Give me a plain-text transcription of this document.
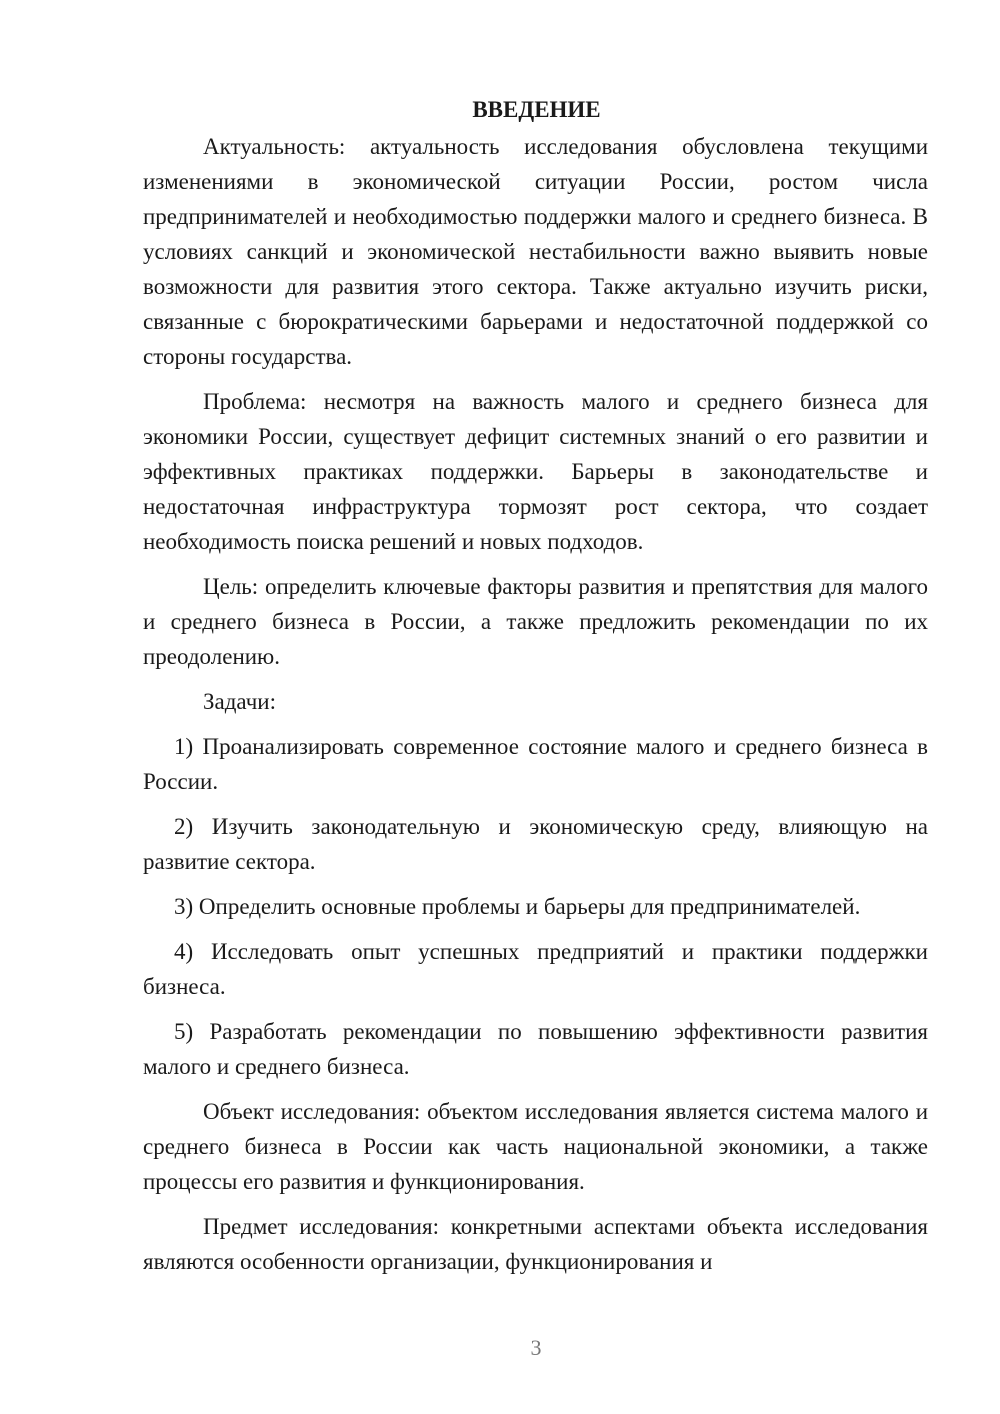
ВВЕДЕНИЕ

Актуальность: актуальность исследования обусловлена текущими изменениями в экономической ситуации России, ростом числа предпринимателей и необходимостью поддержки малого и среднего бизнеса. В условиях санкций и экономической нестабильности важно выявить новые возможности для развития этого сектора. Также актуально изучить риски, связанные с бюрократическими барьерами и недостаточной поддержкой со стороны государства.

Проблема: несмотря на важность малого и среднего бизнеса для экономики России, существует дефицит системных знаний о его развитии и эффективных практиках поддержки. Барьеры в законодательстве и недостаточная инфраструктура тормозят рост сектора, что создает необходимость поиска решений и новых подходов.

Цель: определить ключевые факторы развития и препятствия для малого и среднего бизнеса в России, а также предложить рекомендации по их преодолению.

Задачи:

1) Проанализировать современное состояние малого и среднего бизнеса в России.

2) Изучить законодательную и экономическую среду, влияющую на развитие сектора.

3) Определить основные проблемы и барьеры для предпринимателей.

4) Исследовать опыт успешных предприятий и практики поддержки бизнеса.

5) Разработать рекомендации по повышению эффективности развития малого и среднего бизнеса.

Объект исследования: объектом исследования является система малого и среднего бизнеса в России как часть национальной экономики, а также процессы его развития и функционирования.

Предмет исследования: конкретными аспектами объекта исследования являются особенности организации, функционирования и

3
